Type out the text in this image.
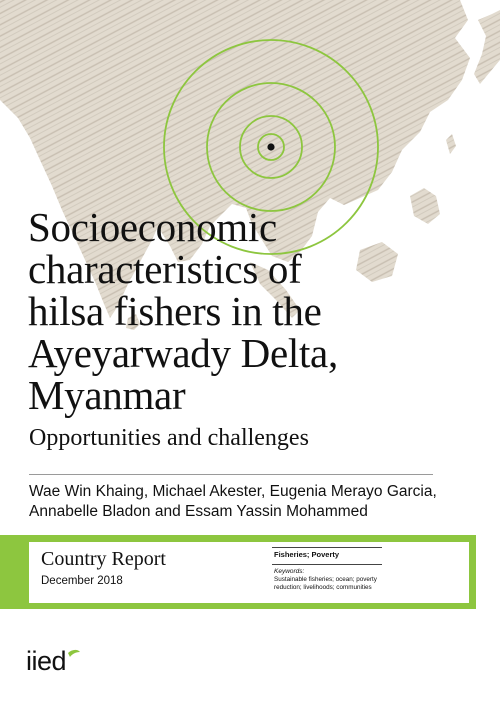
Socioeconomic
characteristics of
hilsa fishers in the
Ayeyarwady Delta,
Myanmar
Opportunities and challenges
Wae Win Khaing, Michael Akester, Eugenia Merayo Garcia,
Annabelle Bladon and Essam Yassin Mohammed
Country Report
December 2018
Fisheries; Poverty
Keywords:
Sustainable fisheries; ocean; poverty
reduction; livelihoods; communities
iied
